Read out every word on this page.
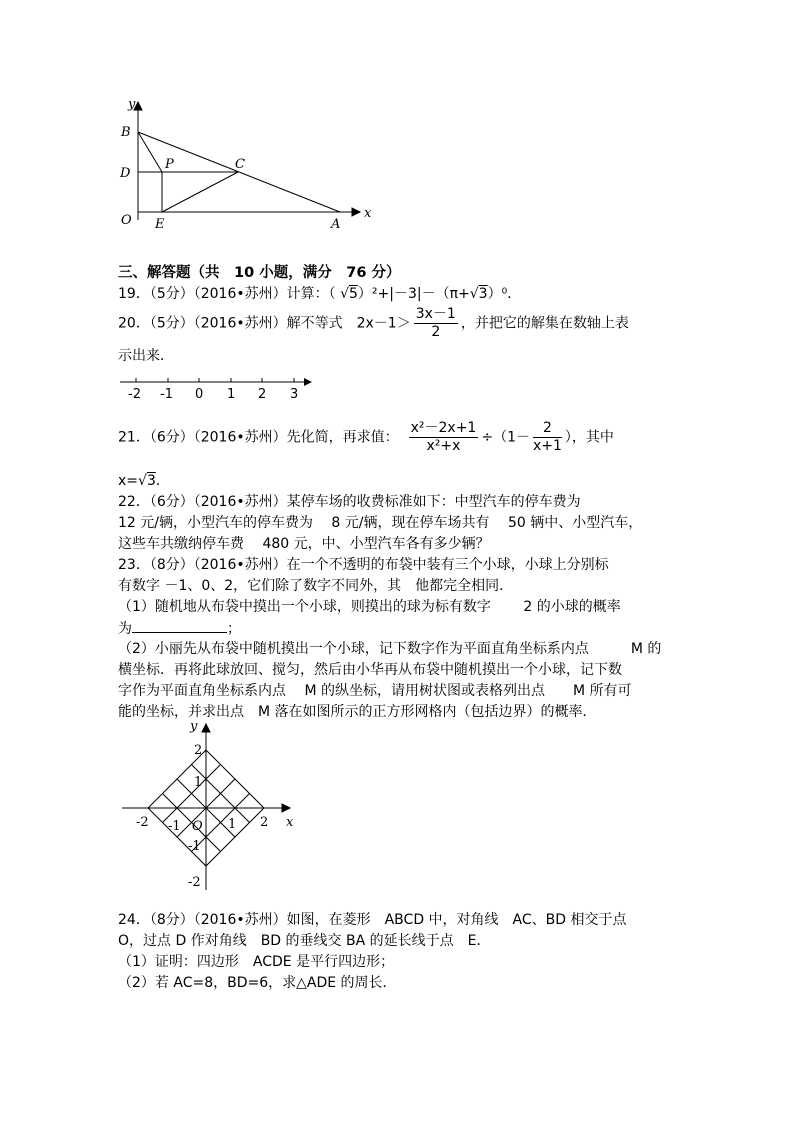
y
x
B
D
O
P	C
E	A
三、解答题（共　10 小题，满分　76 分）
19．（5分）（2016•苏州）计算：（ √5）²+|－3|－（π+√3）⁰．
20．（5分）（2016•苏州）解不等式　$2x-1> \frac{3x-1}{2}$ ，并把它的解集在数轴上表
示出来．
-2 -1 0 1 2 3
21．（6分）（2016•苏州）先化简，再求值：　 $\frac{\text{x²－2x+1}}{\text{x²+x}} \div(1- \frac{2}{x+1}$ ），其中
x=√3．
22．（6分）（2016•苏州）某停车场的收费标准如下：中型汽车的停车费为
12 元/辆，小型汽车的停车费为　 8 元/辆，现在停车场共有　 50 辆中、小型汽车，
这些车共缴纳停车费　 480 元，中、小型汽车各有多少辆？
23．（8分）（2016•苏州）在一个不透明的布袋中装有三个小球，小球上分别标
有数字 －1、0、2，它们除了数字不同外，其　他都完全相同．
（1）随机地从布袋中摸出一个小球，则摸出的球为标有数字　　 2 的小球的概率
为	；
（2）小丽先从布袋中随机摸出一个小球，记下数字作为平面直角坐标系内点　　　M 的
横坐标．再将此球放回、搅匀，然后由小华再从布袋中随机摸出一个小球，记下数
字作为平面直角坐标系内点　 M 的纵坐标，请用树状图或表格列出点　　M 所有可
能的坐标，并求出点　M 落在如图所示的正方形网格内（包括边界）的概率．
y
x
O
2
1
-2 -1	1 2
-1
-2
24．（8分）（2016•苏州）如图，在菱形　ABCD 中，对角线　AC、BD 相交于点
O，过点 D 作对角线　BD 的垂线交 BA 的延长线于点　E．
（1）证明：四边形　ACDE 是平行四边形；
（2）若 AC=8，BD=6，求△ADE 的周长．
